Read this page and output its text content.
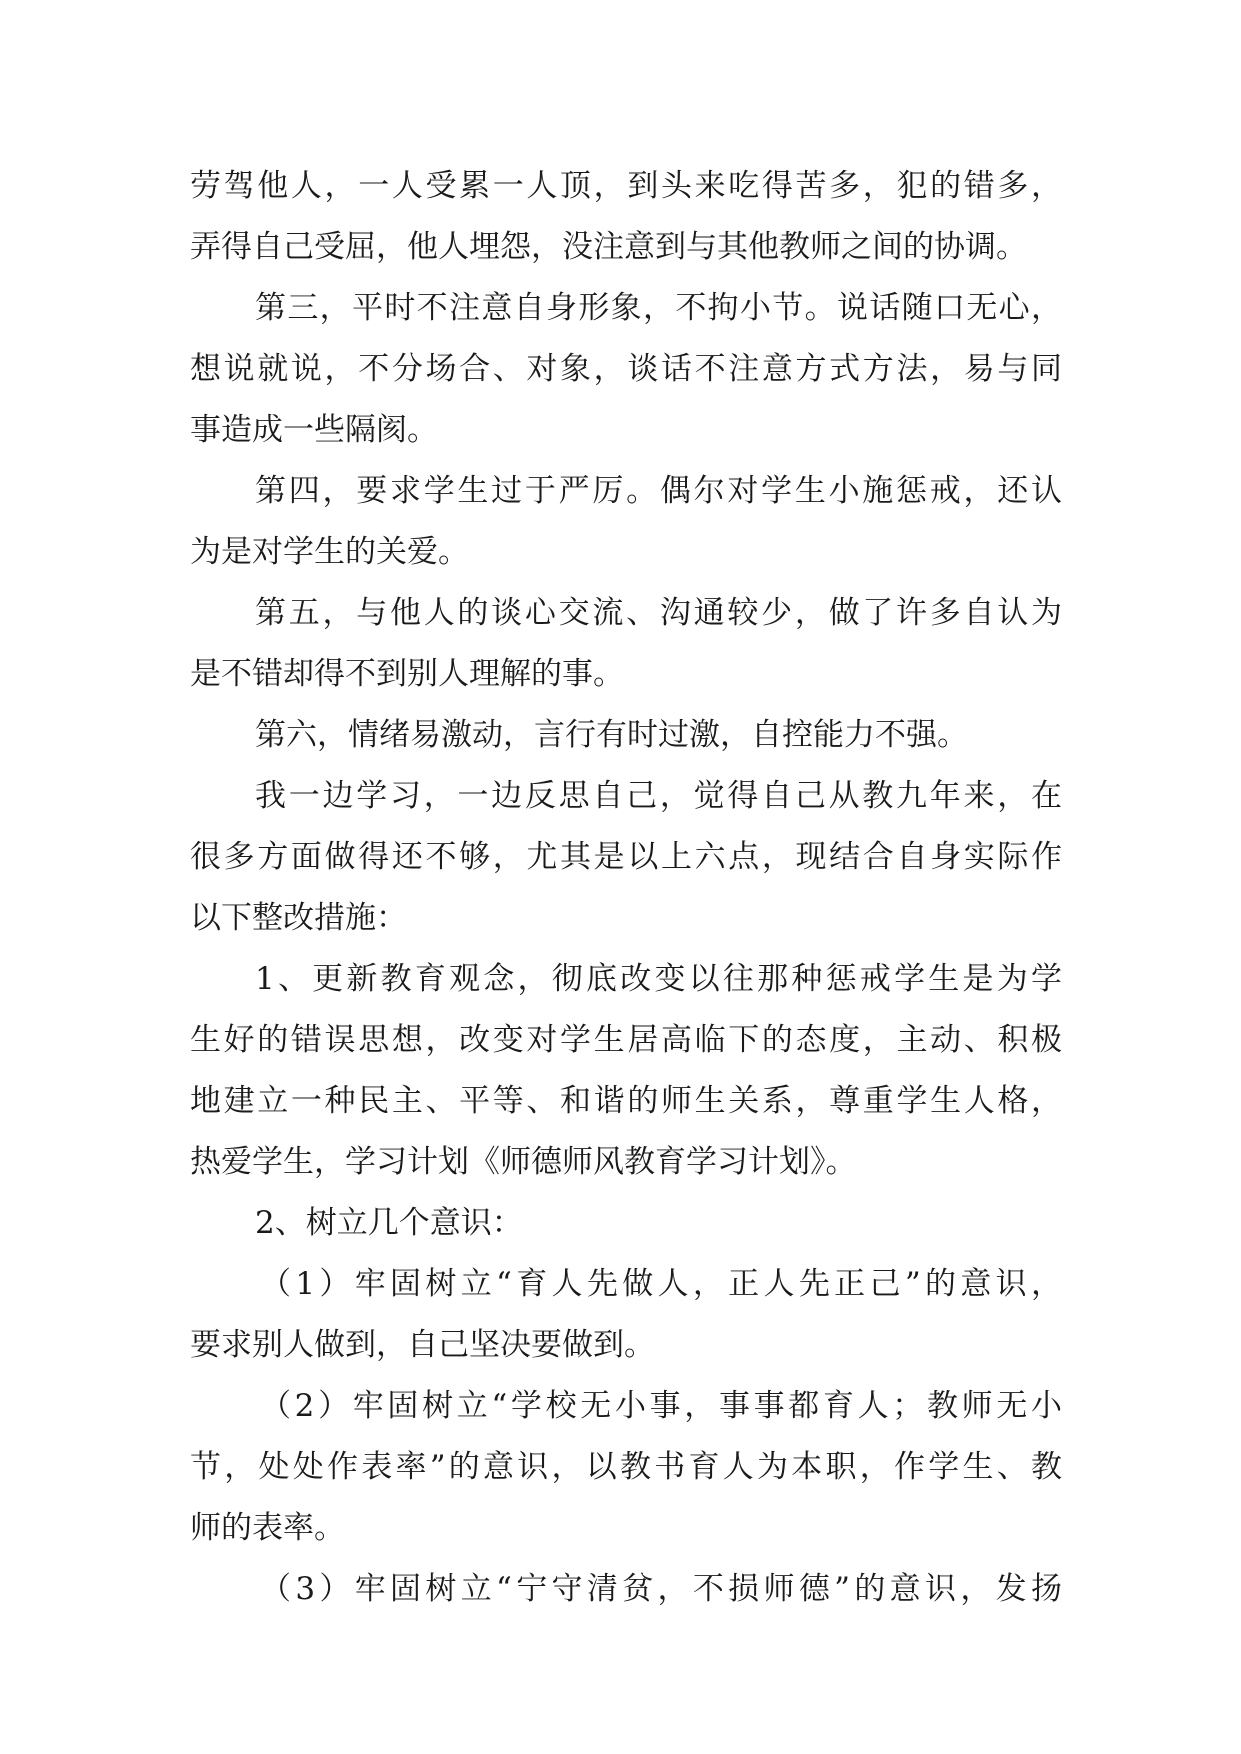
劳驾他人，一人受累一人顶，到头来吃得苦多，犯的错多，
弄得自己受屈，他人埋怨，没注意到与其他教师之间的协调。
第三，平时不注意自身形象，不拘小节。说话随口无心，
想说就说，不分场合、对象，谈话不注意方式方法，易与同
事造成一些隔阂。
第四，要求学生过于严厉。偶尔对学生小施惩戒，还认
为是对学生的关爱。
第五，与他人的谈心交流、沟通较少，做了许多自认为
是不错却得不到别人理解的事。
第六，情绪易激动，言行有时过激，自控能力不强。
我一边学习，一边反思自己，觉得自己从教九年来，在
很多方面做得还不够，尤其是以上六点，现结合自身实际作
以下整改措施：
1、更新教育观念，彻底改变以往那种惩戒学生是为学
生好的错误思想，改变对学生居高临下的态度，主动、积极
地建立一种民主、平等、和谐的师生关系，尊重学生人格，
热爱学生，学习计划《师德师风教育学习计划》。
2、树立几个意识：
（1）牢固树立“育人先做人，正人先正己”的意识，
要求别人做到，自己坚决要做到。
（2）牢固树立“学校无小事，事事都育人；教师无小
节，处处作表率”的意识，以教书育人为本职，作学生、教
师的表率。
（3）牢固树立“宁守清贫，不损师德”的意识，发扬
